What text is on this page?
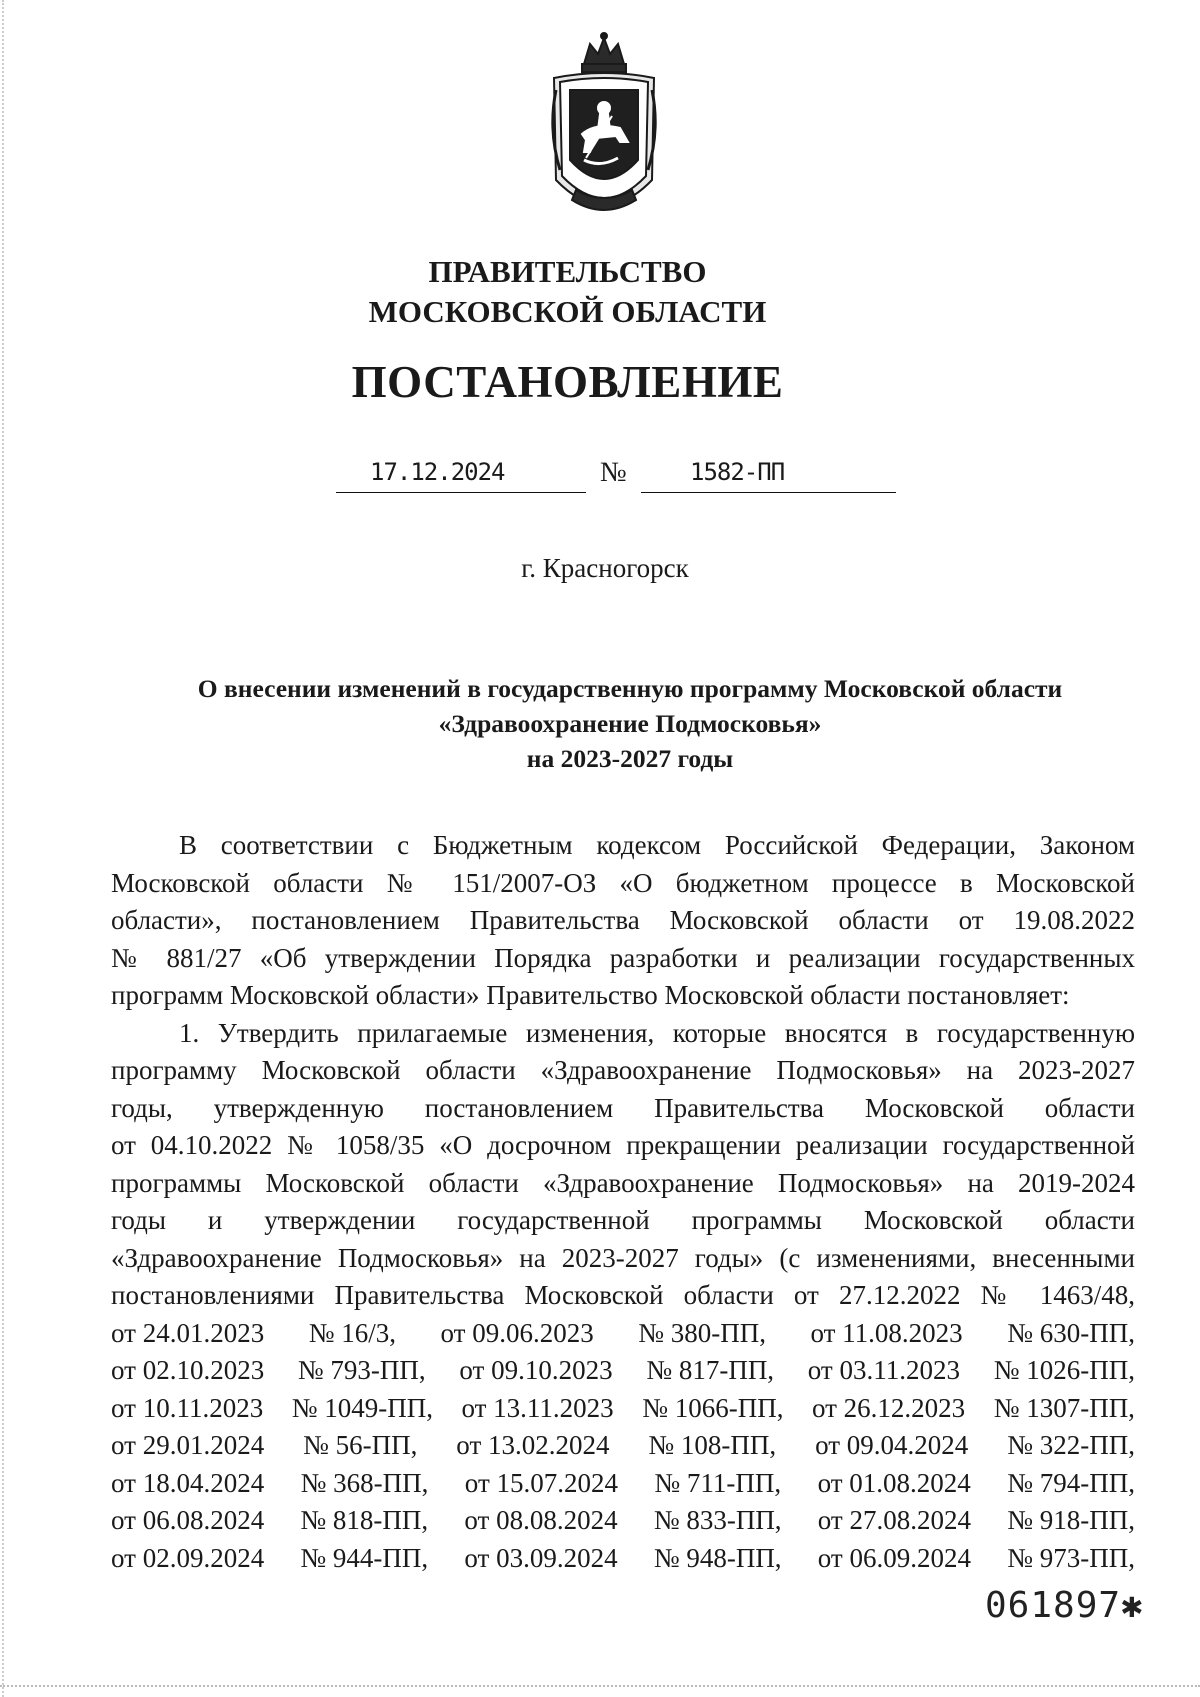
ПРАВИТЕЛЬСТВО
МОСКОВСКОЙ ОБЛАСТИ
ПОСТАНОВЛЕНИЕ
17.12.2024	№	1582-ПП
г. Красногорск
О внесении изменений в государственную программу Московской области
«Здравоохранение Подмосковья»
на 2023-2027 годы

В соответствии с Бюджетным кодексом Российской Федерации, Законом
Московской области № 151/2007-ОЗ «О бюджетном процессе в Московской
области», постановлением Правительства Московской области от 19.08.2022
№ 881/27 «Об утверждении Порядка разработки и реализации государственных
программ Московской области» Правительство Московской области постановляет:

1. Утвердить прилагаемые изменения, которые вносятся в государственную
программу Московской области «Здравоохранение Подмосковья» на 2023-2027
годы, утвержденную постановлением Правительства Московской области
от 04.10.2022 № 1058/35 «О досрочном прекращении реализации государственной
программы Московской области «Здравоохранение Подмосковья» на 2019-2024
годы и утверждении государственной программы Московской области
«Здравоохранение Подмосковья» на 2023-2027 годы» (с изменениями, внесенными
постановлениями Правительства Московской области от 27.12.2022 № 1463/48,

от 24.01.2023 № 16/3, от 09.06.2023 № 380-ПП, от 11.08.2023 № 630-ПП,
от 02.10.2023 № 793-ПП, от 09.10.2023 № 817-ПП, от 03.11.2023 № 1026-ПП,
от 10.11.2023 № 1049-ПП, от 13.11.2023 № 1066-ПП, от 26.12.2023 № 1307-ПП,
от 29.01.2024 № 56-ПП, от 13.02.2024 № 108-ПП, от 09.04.2024 № 322-ПП,
от 18.04.2024 № 368-ПП, от 15.07.2024 № 711-ПП, от 01.08.2024 № 794-ПП,
от 06.08.2024 № 818-ПП, от 08.08.2024 № 833-ПП, от 27.08.2024 № 918-ПП,
от 02.09.2024 № 944-ПП, от 03.09.2024 № 948-ПП, от 06.09.2024 № 973-ПП,
061897✱
